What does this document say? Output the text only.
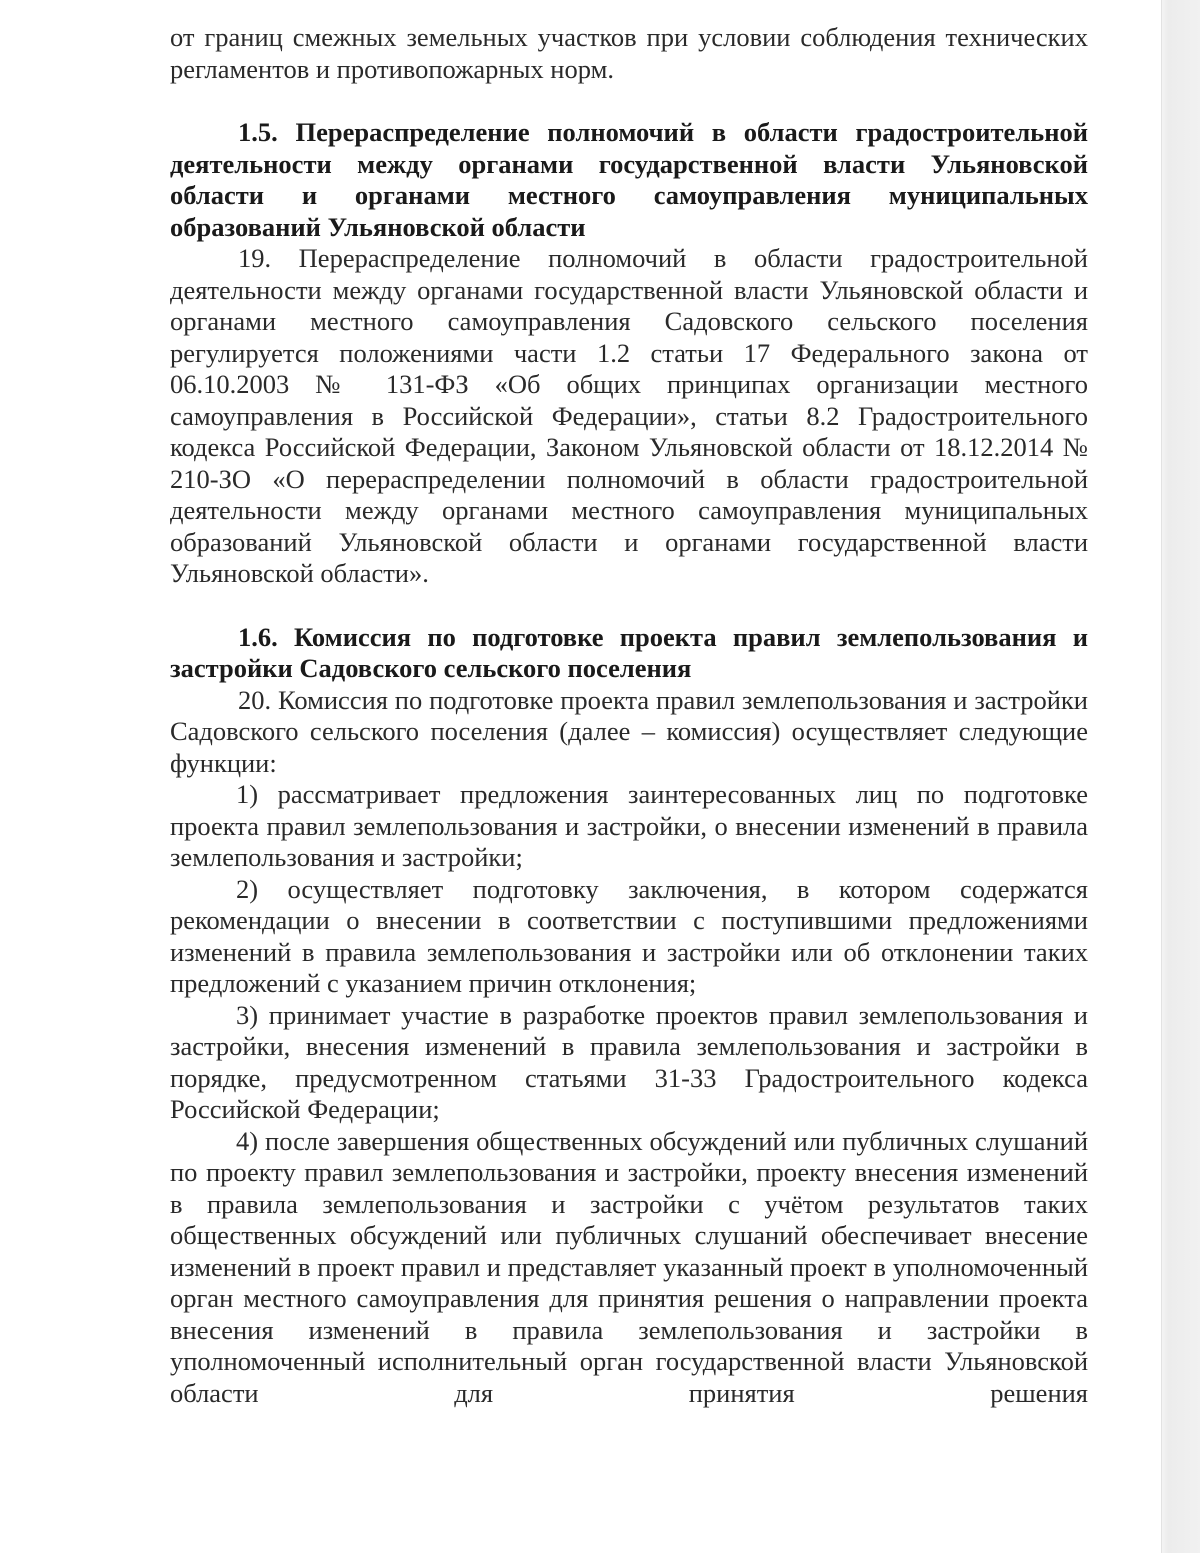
от границ смежных земельных участков при условии соблюдения технических регламентов и противопожарных норм.

1.5. Перераспределение полномочий в области градостроительной деятельности между органами государственной власти Ульяновской области и органами местного самоуправления муниципальных образований Ульяновской области

19. Перераспределение полномочий в области градостроительной деятельности между органами государственной власти Ульяновской области и органами местного самоуправления Садовского сельского поселения регулируется положениями части 1.2 статьи 17 Федерального закона от 06.10.2003 № 131-ФЗ «Об общих принципах организации местного самоуправления в Российской Федерации», статьи 8.2 Градостроительного кодекса Российской Федерации, Законом Ульяновской области от 18.12.2014 № 210-ЗО «О перераспределении полномочий в области градостроительной деятельности между органами местного самоуправления муниципальных образований Ульяновской области и органами государственной власти Ульяновской области».

1.6. Комиссия по подготовке проекта правил землепользования и застройки Садовского сельского поселения

20. Комиссия по подготовке проекта правил землепользования и застройки Садовского сельского поселения (далее – комиссия) осуществляет следующие функции:

1) рассматривает предложения заинтересованных лиц по подготовке проекта правил землепользования и застройки, о внесении изменений в правила землепользования и застройки;

2) осуществляет подготовку заключения, в котором содержатся рекомендации о внесении в соответствии с поступившими предложениями изменений в правила землепользования и застройки или об отклонении таких предложений с указанием причин отклонения;

3) принимает участие в разработке проектов правил землепользования и застройки, внесения изменений в правила землепользования и застройки в порядке, предусмотренном статьями 31-33 Градостроительного кодекса Российской Федерации;

4) после завершения общественных обсуждений или публичных слушаний по проекту правил землепользования и застройки, проекту внесения изменений в правила землепользования и застройки с учётом результатов таких общественных обсуждений или публичных слушаний обеспечивает внесение изменений в проект правил и представляет указанный проект в уполномоченный орган местного самоуправления для принятия решения о направлении проекта внесения изменений в правила землепользования и застройки в уполномоченный исполнительный орган государственной власти Ульяновской области для принятия решения
